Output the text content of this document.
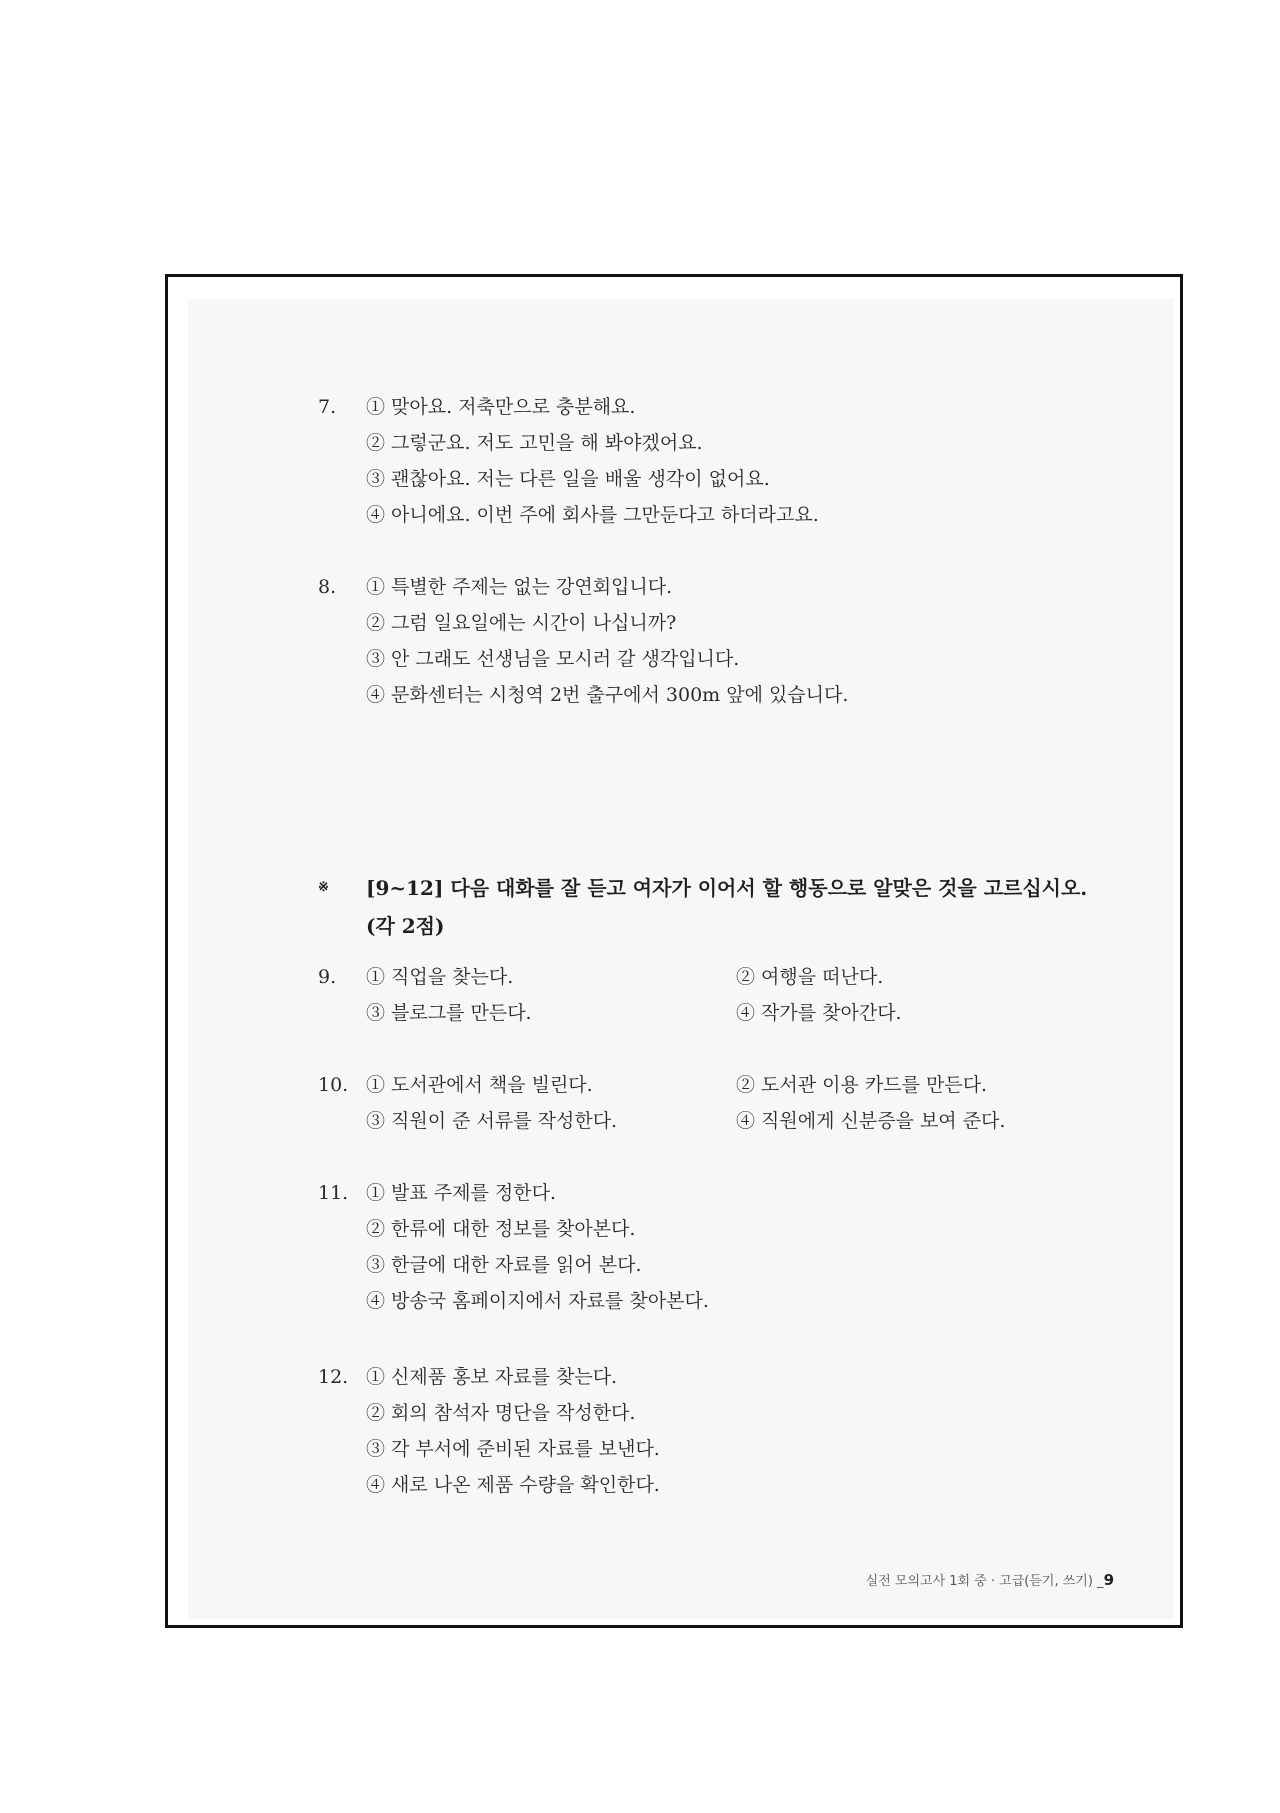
7.	① 맞아요. 저축만으로 충분해요.
② 그렇군요. 저도 고민을 해 봐야겠어요.
③ 괜찮아요. 저는 다른 일을 배울 생각이 없어요.
④ 아니에요. 이번 주에 회사를 그만둔다고 하더라고요.
8.	① 특별한 주제는 없는 강연회입니다.
② 그럼 일요일에는 시간이 나십니까?
③ 안 그래도 선생님을 모시러 갈 생각입니다.
④ 문화센터는 시청역 2번 출구에서 300m 앞에 있습니다.
※ [9~12] 다음 대화를 잘 듣고 여자가 이어서 할 행동으로 알맞은 것을 고르십시오.
(각 2점)
9.	① 직업을 찾는다.	② 여행을 떠난다.
③ 블로그를 만든다.	④ 작가를 찾아간다.
10. ① 도서관에서 책을 빌린다.	② 도서관 이용 카드를 만든다.
③ 직원이 준 서류를 작성한다.	④ 직원에게 신분증을 보여 준다.
11. ① 발표 주제를 정한다.
② 한류에 대한 정보를 찾아본다.
③ 한글에 대한 자료를 읽어 본다.
④ 방송국 홈페이지에서 자료를 찾아본다.
12. ① 신제품 홍보 자료를 찾는다.
② 회의 참석자 명단을 작성한다.
③ 각 부서에 준비된 자료를 보낸다.
④ 새로 나온 제품 수량을 확인한다.
실전 모의고사 1회 중 · 고급(듣기, 쓰기) _9
